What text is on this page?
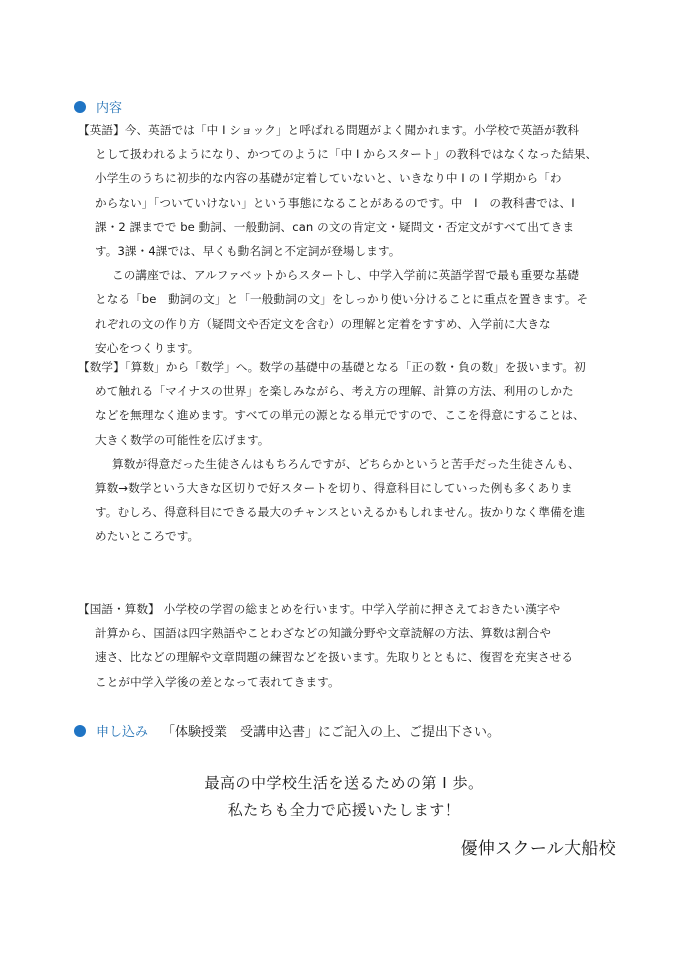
内容
【英語】今、英語では「中 Ⅰ ショック」と呼ばれる問題がよく聞かれます。小学校で英語が教科
として扱われるようになり、かつてのように「中 Ⅰ からスタート」の教科ではなくなった結果、
小学生のうちに初歩的な内容の基礎が定着していないと、いきなり中 Ⅰ の Ⅰ 学期から「わ
からない」「ついていけない」という事態になることがあるのです。中　Ⅰ　の教科書では、Ⅰ
課・2 課までで be 動詞、一般動詞、can の文の肯定文・疑問文・否定文がすべて出てきま
す。3課・4課では、早くも動名詞と不定詞が登場します。
この講座では、アルファベットからスタートし、中学入学前に英語学習で最も重要な基礎
となる「be　動詞の文」と「一般動詞の文」をしっかり使い分けることに重点を置きます。そ
れぞれの文の作り方（疑問文や否定文を含む）の理解と定着をすすめ、入学前に大きな
安心をつくります。
【数学】「算数」から「数学」へ。数学の基礎中の基礎となる「正の数・負の数」を扱います。初
めて触れる「マイナスの世界」を楽しみながら、考え方の理解、計算の方法、利用のしかた
などを無理なく進めます。すべての単元の源となる単元ですので、ここを得意にすることは、
大きく数学の可能性を広げます。
算数が得意だった生徒さんはもちろんですが、どちらかというと苦手だった生徒さんも、
算数→数学という大きな区切りで好スタートを切り、得意科目にしていった例も多くありま
す。むしろ、得意科目にできる最大のチャンスといえるかもしれません。抜かりなく準備を進
めたいところです。
【国語・算数】 小学校の学習の総まとめを行います。中学入学前に押さえておきたい漢字や
計算から、国語は四字熟語やことわざなどの知識分野や文章読解の方法、算数は割合や
速さ、比などの理解や文章問題の練習などを扱います。先取りとともに、復習を充実させる
ことが中学入学後の差となって表れてきます。
申し込み 「体験授業　受講申込書」にご記入の上、ご提出下さい。
最高の中学校生活を送るための第 Ⅰ 歩。
私たちも全力で応援いたします！
優伸スクール大船校
